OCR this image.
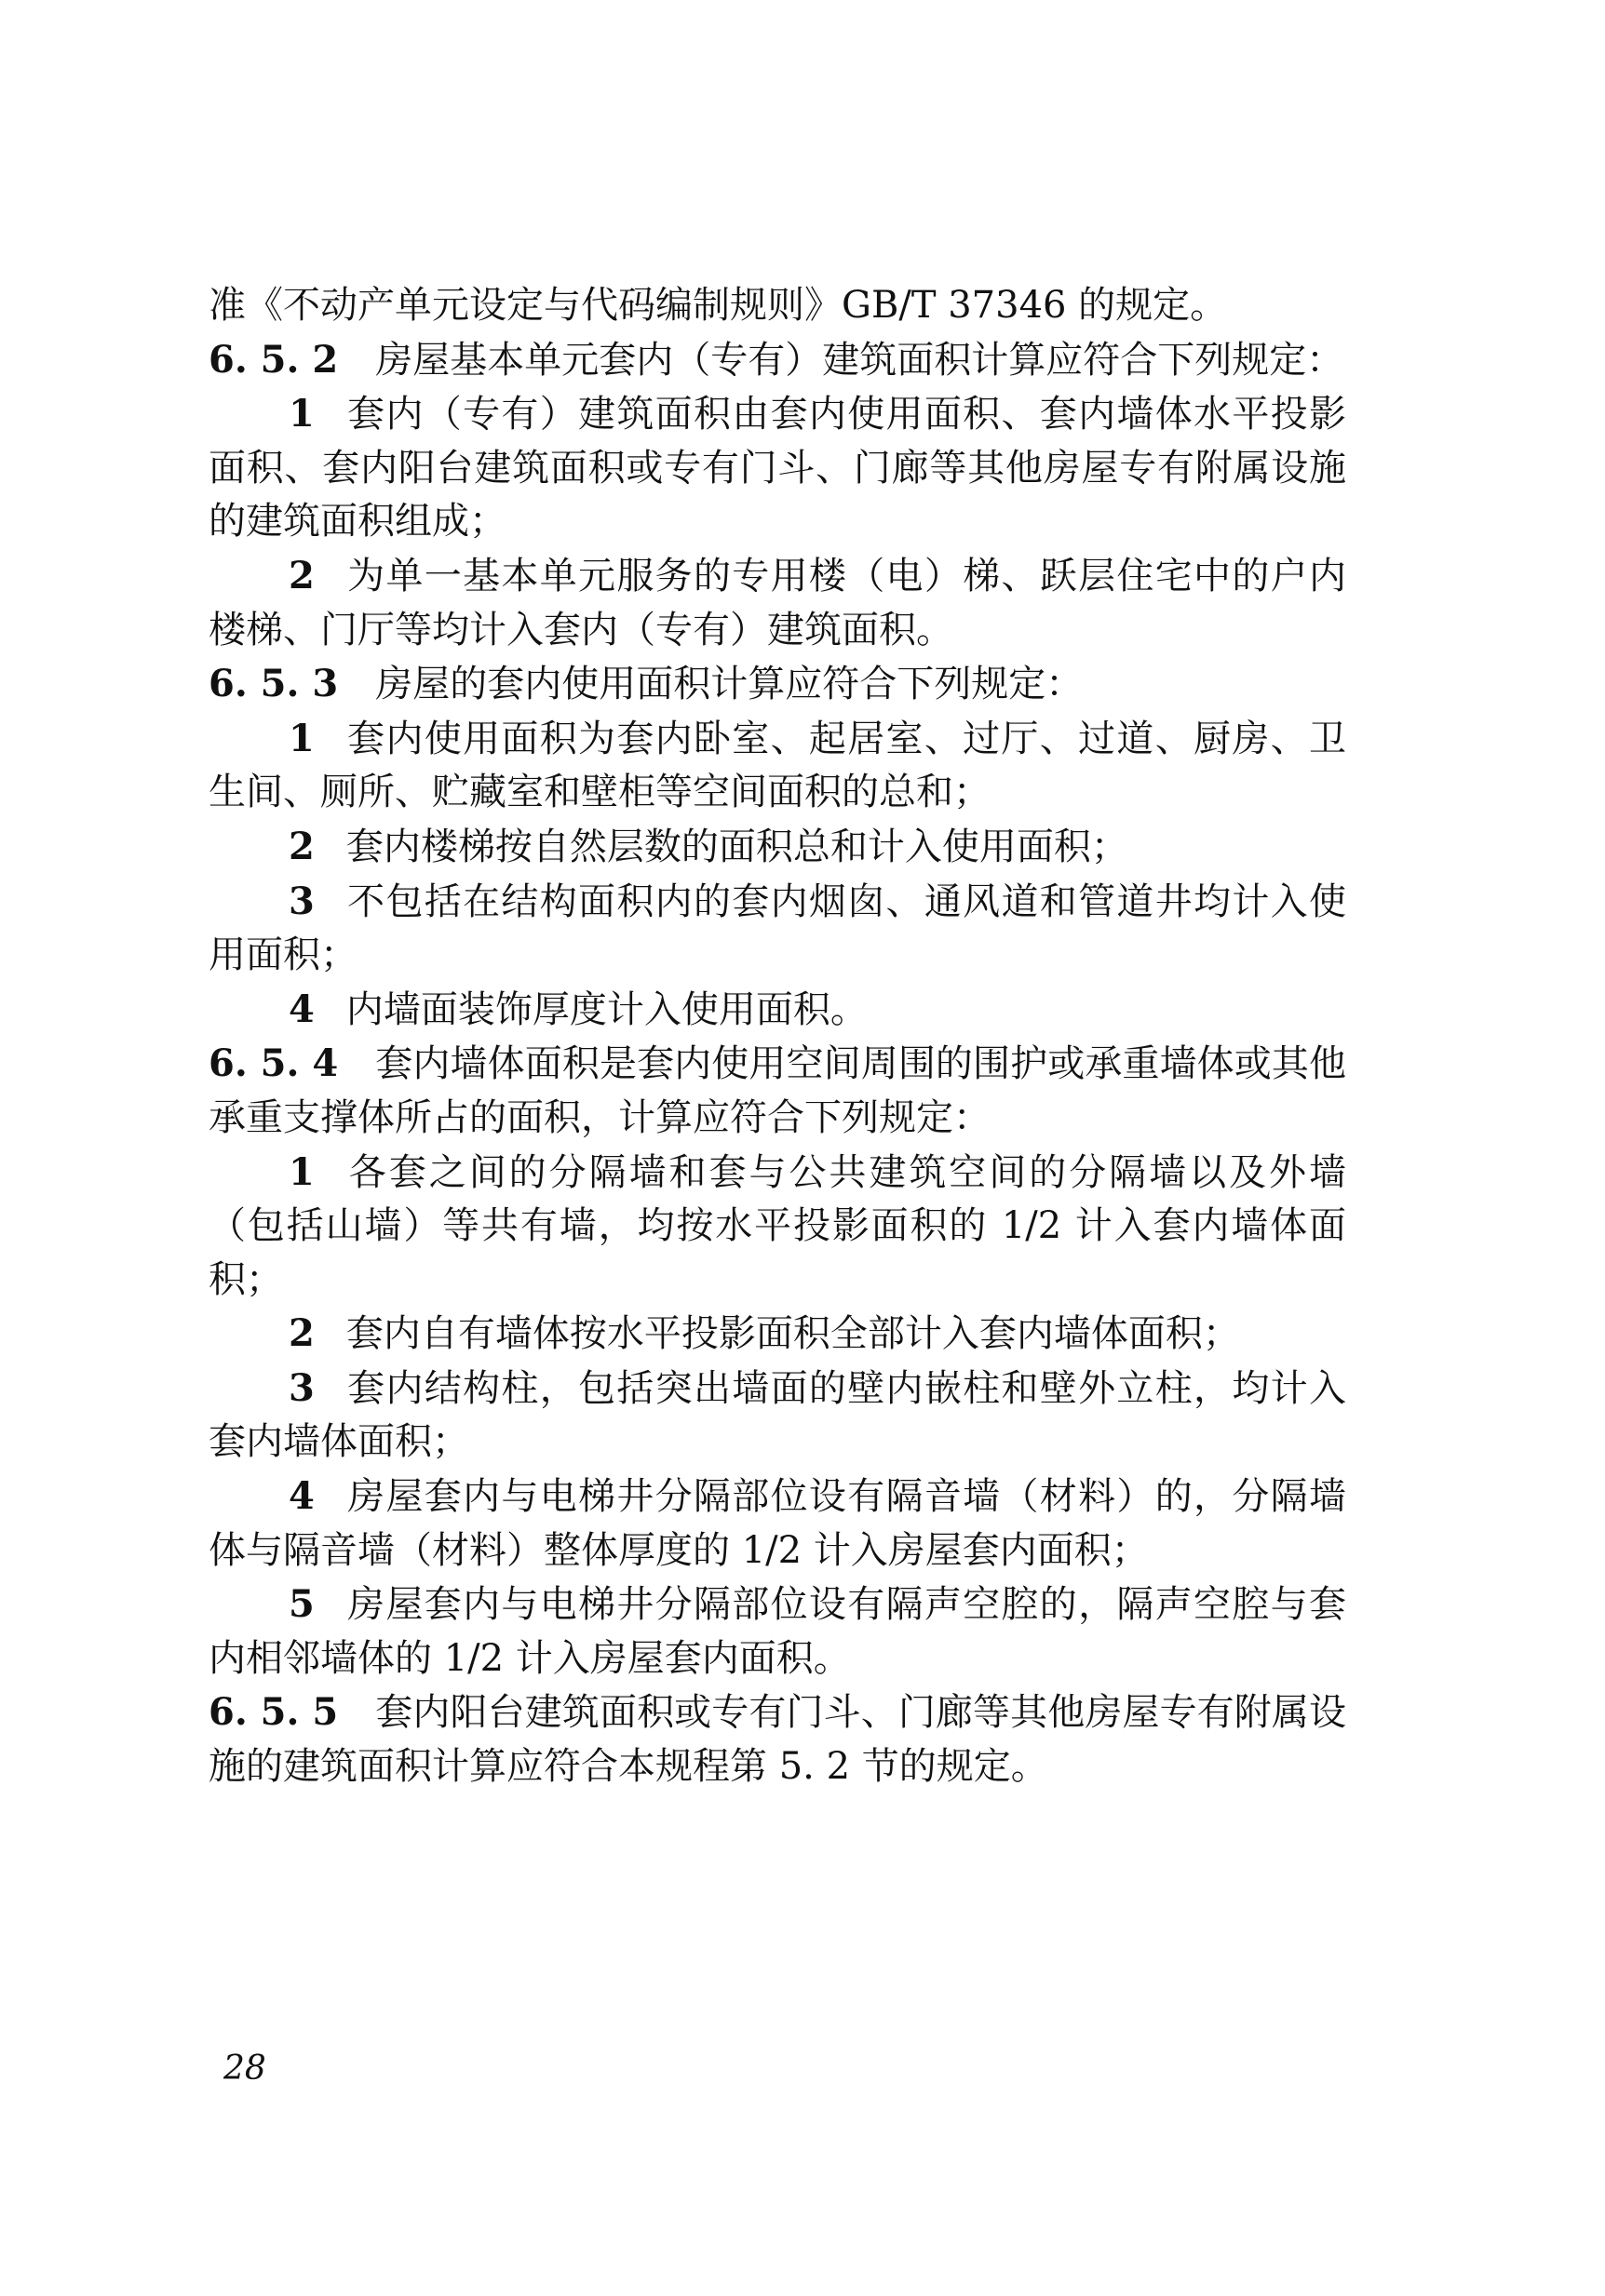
准《不动产单元设定与代码编制规则》GB/T 37346 的规定。

6. 5. 2 房屋基本单元套内（专有）建筑面积计算应符合下列规定：

1 套内（专有）建筑面积由套内使用面积、套内墙体水平投影面积、套内阳台建筑面积或专有门斗、门廊等其他房屋专有附属设施的建筑面积组成；

2 为单一基本单元服务的专用楼（电）梯、跃层住宅中的户内楼梯、门厅等均计入套内（专有）建筑面积。

6. 5. 3 房屋的套内使用面积计算应符合下列规定：

1 套内使用面积为套内卧室、起居室、过厅、过道、厨房、卫生间、厕所、贮藏室和壁柜等空间面积的总和；

2 套内楼梯按自然层数的面积总和计入使用面积；

3 不包括在结构面积内的套内烟囱、通风道和管道井均计入使用面积；

4 内墙面装饰厚度计入使用面积。

6. 5. 4 套内墙体面积是套内使用空间周围的围护或承重墙体或其他承重支撑体所占的面积，计算应符合下列规定：

1 各套之间的分隔墙和套与公共建筑空间的分隔墙以及外墙（包括山墙）等共有墙，均按水平投影面积的 1/2 计入套内墙体面积；

2 套内自有墙体按水平投影面积全部计入套内墙体面积；

3 套内结构柱，包括突出墙面的壁内嵌柱和壁外立柱，均计入套内墙体面积；

4 房屋套内与电梯井分隔部位设有隔音墙（材料）的，分隔墙体与隔音墙（材料）整体厚度的 1/2 计入房屋套内面积；

5 房屋套内与电梯井分隔部位设有隔声空腔的，隔声空腔与套内相邻墙体的 1/2 计入房屋套内面积。

6. 5. 5 套内阳台建筑面积或专有门斗、门廊等其他房屋专有附属设施的建筑面积计算应符合本规程第 5. 2 节的规定。

28
